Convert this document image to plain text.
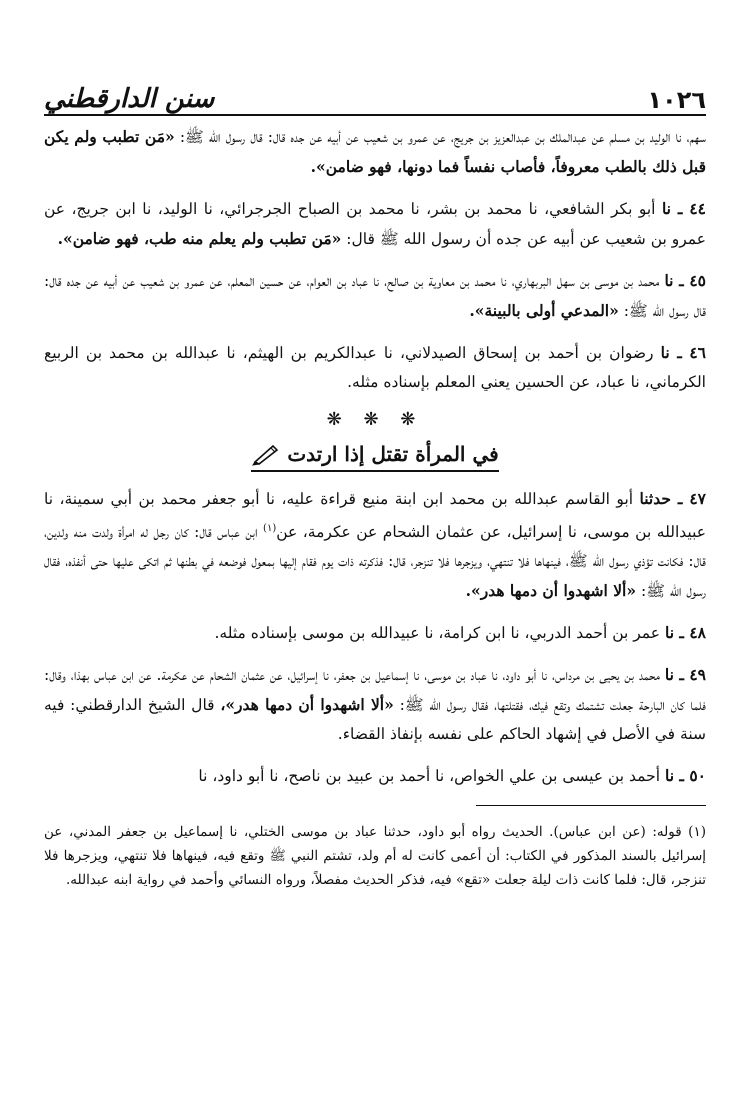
١٠٢٦
سنن الدارقطني

سهم، نا الوليد بن مسلم عن عبدالملك بن عبدالعزيز بن جريج، عن عمرو بن شعيب عن أبيه عن جده قال: قال رسول الله ﷺ: «مَن تطبب ولم يكن قبل ذلك بالطب معروفاً، فأصاب نفساً فما دونها، فهو ضامن».

٤٤ ـ نا أبو بكر الشافعي، نا محمد بن بشر، نا محمد بن الصباح الجرجرائي، نا الوليد، نا ابن جريج، عن عمرو بن شعيب عن أبيه عن جده أن رسول الله ﷺ قال: «مَن تطبب ولم يعلم منه طب، فهو ضامن».

٤٥ ـ نا محمد بن موسى بن سهل البربهاري، نا محمد بن معاوية بن صالح، نا عباد بن العوام، عن حسين المعلم، عن عمرو بن شعيب عن أبيه عن جده قال: قال رسول الله ﷺ: «المدعي أولى بالبينة».

٤٦ ـ نا رضوان بن أحمد بن إسحاق الصيدلاني، نا عبدالكريم بن الهيثم، نا عبدالله بن محمد بن الربيع الكرماني، نا عباد، عن الحسين يعني المعلم بإسناده مثله.

❋ ❋ ❋
في المرأة تقتل إذا ارتدت

٤٧ ـ حدثنا أبو القاسم عبدالله بن محمد ابن ابنة منيع قراءة عليه، نا أبو جعفر محمد بن أبي سمينة، نا عبيدالله بن موسى، نا إسرائيل، عن عثمان الشحام عن عكرمة، عن$^{(١)}$ ابن عباس قال: كان رجل له امرأة ولدت منه ولدين، قال: فكانت تؤذي رسول الله ﷺ، فينهاها فلا تنتهي، ويزجرها فلا تنزجر، قال: فذكرته ذات يوم فقام إليها بمعول فوضعه في بطنها ثم اتكى عليها حتى أنفذه، فقال رسول الله ﷺ: «ألا اشهدوا أن دمها هدر».

٤٨ ـ نا عمر بن أحمد الدربي، نا ابن كرامة، نا عبيدالله بن موسى بإسناده مثله.

٤٩ ـ نا محمد بن يحيى بن مرداس، نا أبو داود، نا عباد بن موسى، نا إسماعيل بن جعفر، نا إسرائيل، عن عثمان الشحام عن عكرمة. عن ابن عباس بهذا، وقال: فلما كان البارحة جعلت تشتمك وتقع فيك، فقتلتها، فقال رسول الله ﷺ: «ألا اشهدوا أن دمها هدر»، قال الشيخ الدارقطني: فيه سنة في الأصل في إشهاد الحاكم على نفسه بإنفاذ القضاء.

٥٠ ـ نا أحمد بن عيسى بن علي الخواص، نا أحمد بن عبيد بن ناصح، نا أبو داود، نا

(١) قوله: (عن ابن عباس). الحديث رواه أبو داود، حدثنا عباد بن موسى الختلي، نا إسماعيل بن جعفر المدني، عن إسرائيل بالسند المذكور في الكتاب: أن أعمى كانت له أم ولد، تشتم النبي ﷺ وتقع فيه، فينهاها فلا تنتهي، ويزجرها فلا تنزجر، قال: فلما كانت ذات ليلة جعلت «تقع» فيه، فذكر الحديث مفصلاً، ورواه النسائي وأحمد في رواية ابنه عبدالله.
